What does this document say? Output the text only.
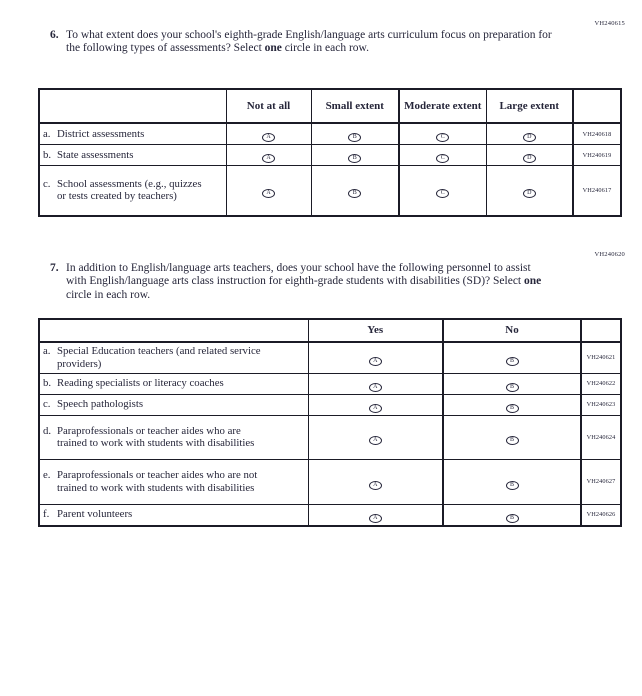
VH240615
6. To what extent does your school's eighth-grade English/language arts curriculum focus on preparation for the following types of assessments? Select one circle in each row.
	Not at all	Small extent	Moderate extent	Large extent	

a. District assessments	A	B	C	D	VH240618

b. State assessments	A	B	C	D	VH240619

c. School assessments (e.g., quizzes or tests created by teachers)	A	B	C	D	VH240617
VH240620
7. In addition to English/language arts teachers, does your school have the following personnel to assist with English/language arts class instruction for eighth-grade students with disabilities (SD)? Select one circle in each row.
	Yes	No	

a. Special Education teachers (and related service providers)	A	B	VH240621

b. Reading specialists or literacy coaches	A	B	VH240622

c. Speech pathologists	A	B	VH240623

d. Paraprofessionals or teacher aides who are trained to work with students with disabilities	A	B	VH240624

e. Paraprofessionals or teacher aides who are not trained to work with students with disabilities	A	B	VH240627

f. Parent volunteers	A	B	VH240626
